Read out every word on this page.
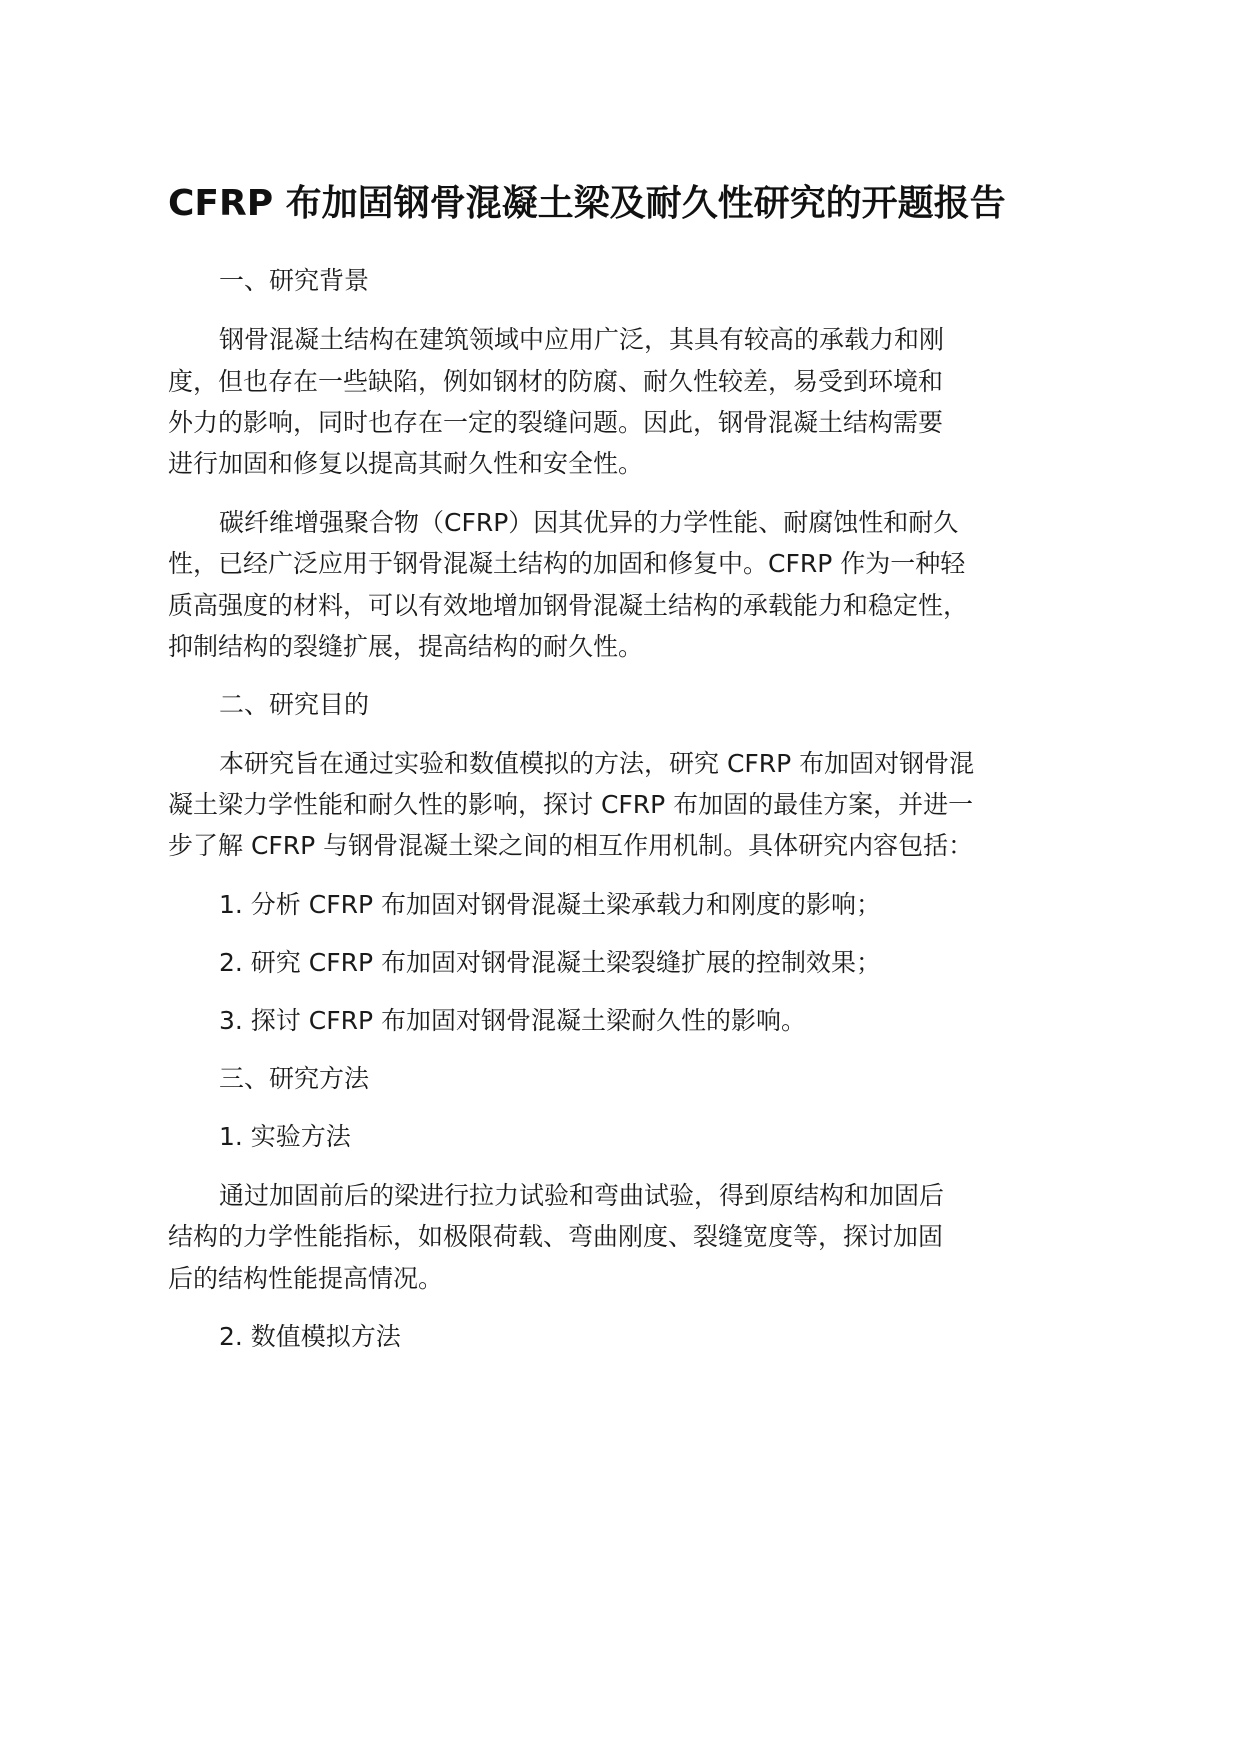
CFRP 布加固钢骨混凝土梁及耐久性研究的开题报告
一、研究背景
钢骨混凝土结构在建筑领域中应用广泛，其具有较高的承载力和刚
度，但也存在一些缺陷，例如钢材的防腐、耐久性较差，易受到环境和
外力的影响，同时也存在一定的裂缝问题。因此，钢骨混凝土结构需要
进行加固和修复以提高其耐久性和安全性。
碳纤维增强聚合物（CFRP）因其优异的力学性能、耐腐蚀性和耐久
性，已经广泛应用于钢骨混凝土结构的加固和修复中。CFRP 作为一种轻
质高强度的材料，可以有效地增加钢骨混凝土结构的承载能力和稳定性，
抑制结构的裂缝扩展，提高结构的耐久性。
二、研究目的
本研究旨在通过实验和数值模拟的方法，研究 CFRP 布加固对钢骨混
凝土梁力学性能和耐久性的影响，探讨 CFRP 布加固的最佳方案，并进一
步了解 CFRP 与钢骨混凝土梁之间的相互作用机制。具体研究内容包括：
1. 分析 CFRP 布加固对钢骨混凝土梁承载力和刚度的影响；
2. 研究 CFRP 布加固对钢骨混凝土梁裂缝扩展的控制效果；
3. 探讨 CFRP 布加固对钢骨混凝土梁耐久性的影响。
三、研究方法
1. 实验方法
通过加固前后的梁进行拉力试验和弯曲试验，得到原结构和加固后
结构的力学性能指标，如极限荷载、弯曲刚度、裂缝宽度等，探讨加固
后的结构性能提高情况。
2. 数值模拟方法
